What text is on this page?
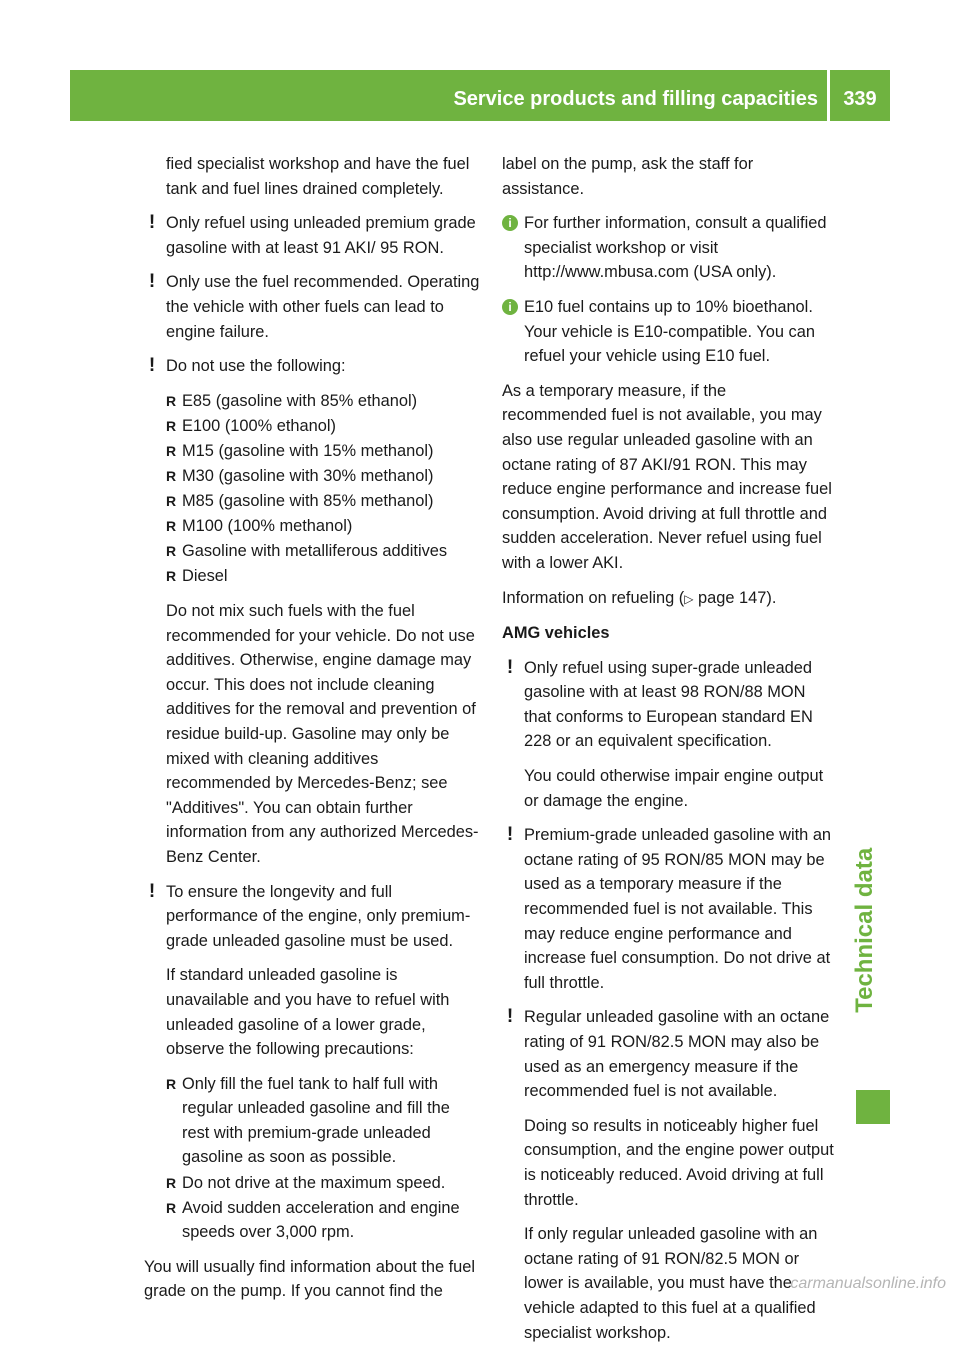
Service products and filling capacities	339
Technical data

fied specialist workshop and have the fuel tank and fuel lines drained completely.

! Only refuel using unleaded premium grade gasoline with at least 91 AKI/ 95 RON.

! Only use the fuel recommended. Operating the vehicle with other fuels can lead to engine failure.

! Do not use the following:

R E85 (gasoline with 85% ethanol)
R E100 (100% ethanol)
R M15 (gasoline with 15% methanol)
R M30 (gasoline with 30% methanol)
R M85 (gasoline with 85% methanol)
R M100 (100% methanol)
R Gasoline with metalliferous additives
R Diesel

Do not mix such fuels with the fuel recommended for your vehicle. Do not use additives. Otherwise, engine damage may occur. This does not include cleaning additives for the removal and prevention of residue build-up. Gasoline may only be mixed with cleaning additives recommended by Mercedes-Benz; see "Additives". You can obtain further information from any authorized Mercedes-Benz Center.

! To ensure the longevity and full performance of the engine, only premium-grade unleaded gasoline must be used.

If standard unleaded gasoline is unavailable and you have to refuel with unleaded gasoline of a lower grade, observe the following precautions:

R Only fill the fuel tank to half full with regular unleaded gasoline and fill the rest with premium-grade unleaded gasoline as soon as possible.
R Do not drive at the maximum speed.
R Avoid sudden acceleration and engine speeds over 3,000 rpm.

You will usually find information about the fuel grade on the pump. If you cannot find the

label on the pump, ask the staff for assistance.

i For further information, consult a qualified specialist workshop or visit http://www.mbusa.com (USA only).

i E10 fuel contains up to 10% bioethanol. Your vehicle is E10-compatible. You can refuel your vehicle using E10 fuel.

As a temporary measure, if the recommended fuel is not available, you may also use regular unleaded gasoline with an octane rating of 87 AKI/91 RON. This may reduce engine performance and increase fuel consumption. Avoid driving at full throttle and sudden acceleration. Never refuel using fuel with a lower AKI.

Information on refueling (▷ page 147).

AMG vehicles

! Only refuel using super-grade unleaded gasoline with at least 98 RON/88 MON that conforms to European standard EN 228 or an equivalent specification.

You could otherwise impair engine output or damage the engine.

! Premium-grade unleaded gasoline with an octane rating of 95 RON/85 MON may be used as a temporary measure if the recommended fuel is not available. This may reduce engine performance and increase fuel consumption. Do not drive at full throttle.

! Regular unleaded gasoline with an octane rating of 91 RON/82.5 MON may also be used as an emergency measure if the recommended fuel is not available.

Doing so results in noticeably higher fuel consumption, and the engine power output is noticeably reduced. Avoid driving at full throttle.

If only regular unleaded gasoline with an octane rating of 91 RON/82.5 MON or lower is available, you must have the vehicle adapted to this fuel at a qualified specialist workshop.

carmanualsonline.info
